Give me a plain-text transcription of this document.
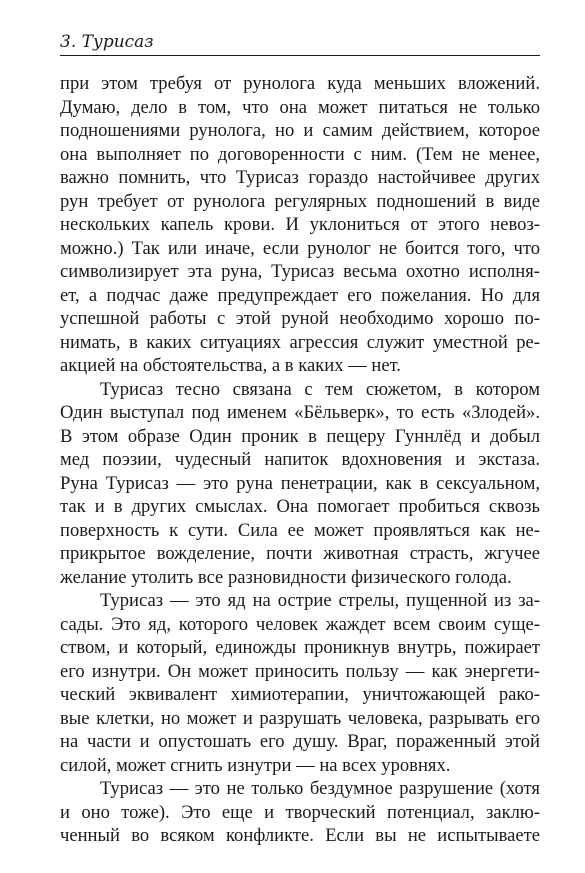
3. Турисаз
при этом требуя от рунолога куда меньших вложений.
Думаю, дело в том, что она может питаться не только
подношениями рунолога, но и самим действием, которое
она выполняет по договоренности с ним. (Тем не менее,
важно помнить, что Турисаз гораздо настойчивее других
рун требует от рунолога регулярных подношений в виде
нескольких капель крови. И уклониться от этого невоз-
можно.) Так или иначе, если рунолог не боится того, что
символизирует эта руна, Турисаз весьма охотно исполня-
ет, а подчас даже предупреждает его пожелания. Но для
успешной работы с этой руной необходимо хорошо по-
нимать, в каких ситуациях агрессия служит уместной ре-
акцией на обстоятельства, а в каких — нет.
Турисаз тесно связана с тем сюжетом, в котором
Один выступал под именем «Бёльверк», то есть «Злодей».
В этом образе Один проник в пещеру Гуннлёд и добыл
мед поэзии, чудесный напиток вдохновения и экстаза.
Руна Турисаз — это руна пенетрации, как в сексуальном,
так и в других смыслах. Она помогает пробиться сквозь
поверхность к сути. Сила ее может проявляться как не-
прикрытое вожделение, почти животная страсть, жгучее
желание утолить все разновидности физического голода.
Турисаз — это яд на острие стрелы, пущенной из за-
сады. Это яд, которого человек жаждет всем своим суще-
ством, и который, единожды проникнув внутрь, пожирает
его изнутри. Он может приносить пользу — как энергети-
ческий эквивалент химиотерапии, уничтожающей рако-
вые клетки, но может и разрушать человека, разрывать его
на части и опустошать его душу. Враг, пораженный этой
силой, может сгнить изнутри — на всех уровнях.
Турисаз — это не только бездумное разрушение (хотя
и оно тоже). Это еще и творческий потенциал, заклю-
ченный во всяком конфликте. Если вы не испытываете
